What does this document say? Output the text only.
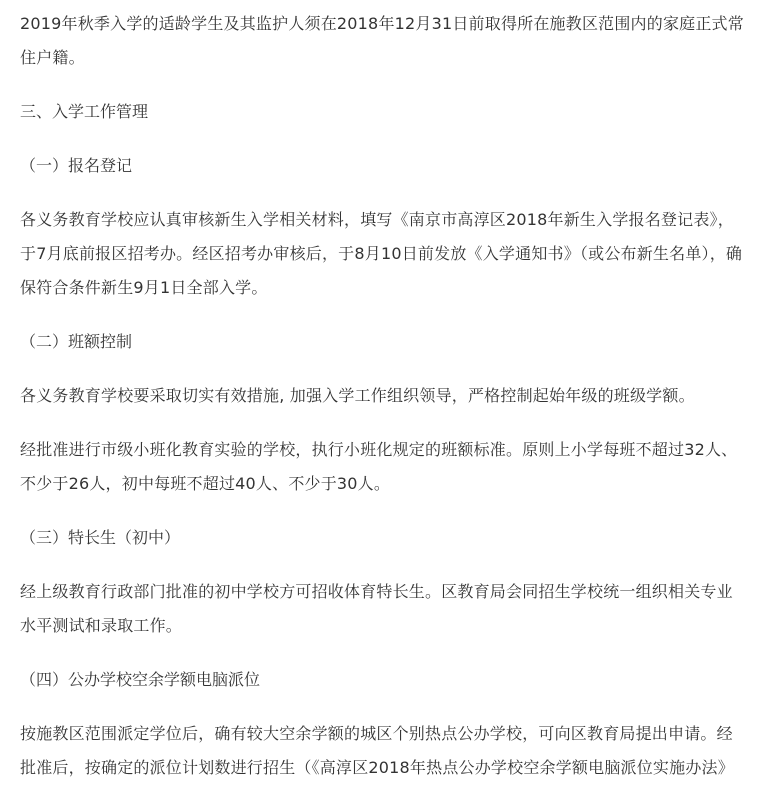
2019年秋季入学的适龄学生及其监护人须在2018年12月31日前取得所在施教区范围内的家庭正式常住户籍。

三、入学工作管理

（一）报名登记

各义务教育学校应认真审核新生入学相关材料，填写《南京市高淳区2018年新生入学报名登记表》，于7月底前报区招考办。经区招考办审核后，于8月10日前发放《入学通知书》（或公布新生名单），确保符合条件新生9月1日全部入学。

（二）班额控制

各义务教育学校要采取切实有效措施, 加强入学工作组织领导，严格控制起始年级的班级学额。

经批准进行市级小班化教育实验的学校，执行小班化规定的班额标准。原则上小学每班不超过32人、不少于26人，初中每班不超过40人、不少于30人。

（三）特长生（初中）

经上级教育行政部门批准的初中学校方可招收体育特长生。区教育局会同招生学校统一组织相关专业水平测试和录取工作。

（四）公办学校空余学额电脑派位

按施教区范围派定学位后，确有较大空余学额的城区个别热点公办学校，可向区教育局提出申请。经
批准后，按确定的派位计划数进行招生（《高淳区2018年热点公办学校空余学额电脑派位实施办法》
